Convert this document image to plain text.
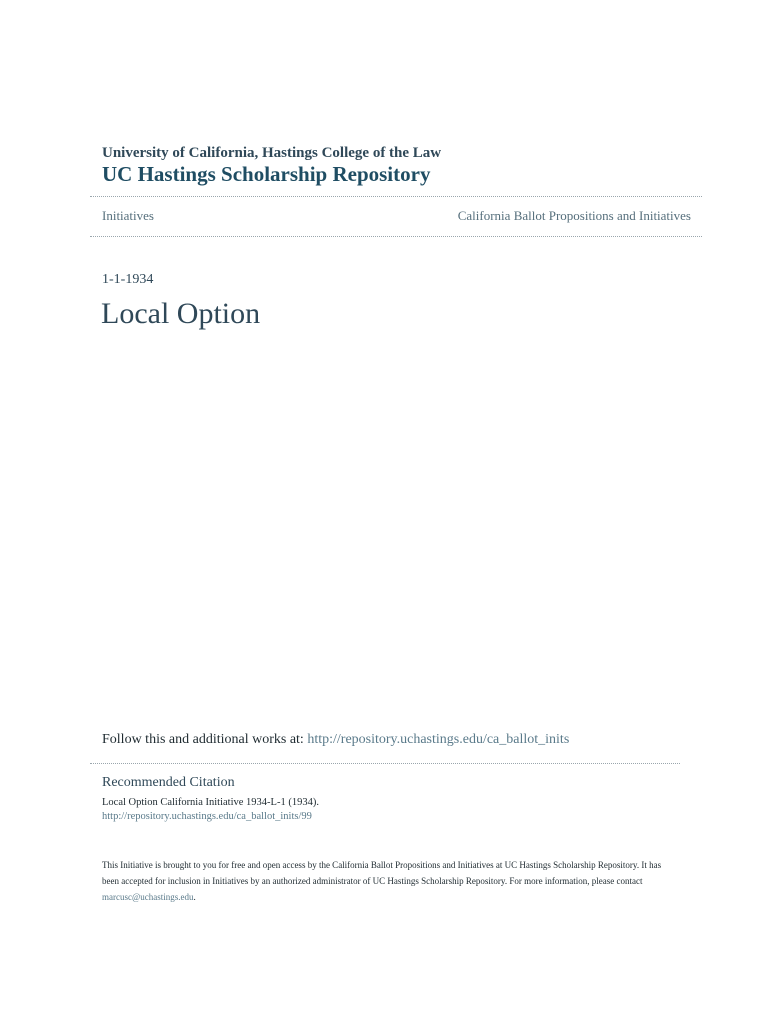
University of California, Hastings College of the Law
UC Hastings Scholarship Repository
Initiatives	California Ballot Propositions and Initiatives
1-1-1934
Local Option
Follow this and additional works at: http://repository.uchastings.edu/ca_ballot_inits
Recommended Citation
Local Option California Initiative 1934-L-1 (1934).
http://repository.uchastings.edu/ca_ballot_inits/99
This Initiative is brought to you for free and open access by the California Ballot Propositions and Initiatives at UC Hastings Scholarship Repository. It has been accepted for inclusion in Initiatives by an authorized administrator of UC Hastings Scholarship Repository. For more information, please contact marcusc@uchastings.edu.
